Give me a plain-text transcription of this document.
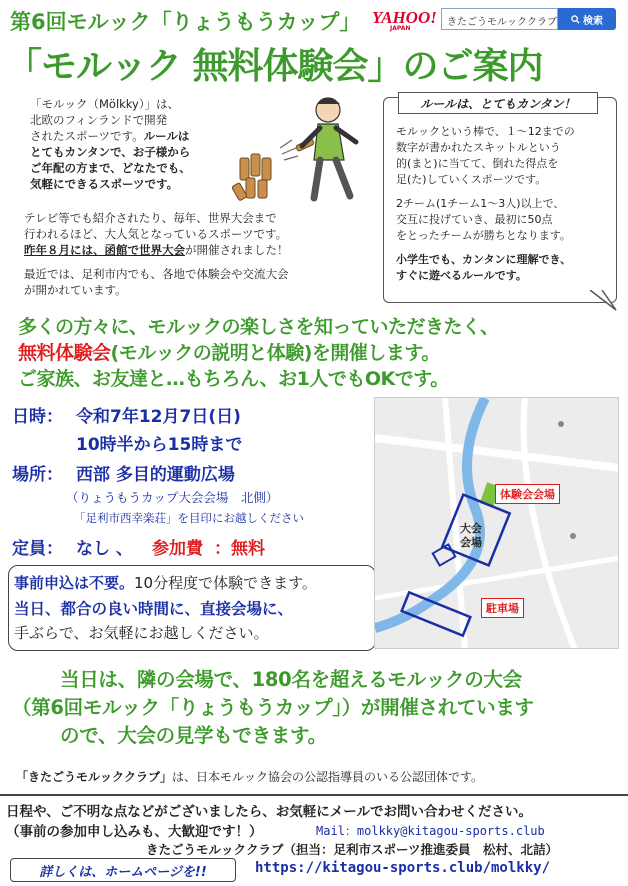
第6回モルック「りょうもうカップ」 YAHOO!
JAPAN
きたごうモルッククラブ	検索
「モルック 無料体験会」のご案内
「モルック（Mölkky）」は、
北欧のフィンランドで開発
されたスポーツです。ルールは
とてもカンタンで、お子様から
ご年配の方まで、どなたでも、
気軽にできるスポーツです。
テレビ等でも紹介されたり、毎年、世界大会まで
行われるほど、大人気となっているスポーツです。
昨年８月には、函館で世界大会が開催されました！
最近では、足利市内でも、各地で体験会や交流大会
が開かれています。
ルールは、とてもカンタン！
モルックという棒で、１～12までの
数字が書かれたスキットルという
的(まと)に当てて、倒れた得点を
足(た)していくスポーツです。
2チーム(1チーム1～3人)以上で、
交互に投げていき、最初に50点
をとったチームが勝ちとなります。
小学生でも、カンタンに理解でき、
すぐに遊べるルールです。
多くの方々に、モルックの楽しさを知っていただきたく、
無料体験会(モルックの説明と体験)を開催します。
ご家族、お友達と…もちろん、お1人でもOKです。
日時： 令和7年12月7日(日)
10時半から15時まで
場所： 西部 多目的運動広場
（りょうもうカップ大会会場　北側）
「足利市西幸楽荘」を目印にお越しください
定員： なし 、 参加費 ：無料
事前申込は不要。10分程度で体験できます。
当日、都合の良い時間に、直接会場に、
手ぶらで、お気軽にお越しください。
体験会会場
大会
会場
駐車場
当日は、隣の会場で、180名を超えるモルックの大会
（第6回モルック「りょうもうカップ」）が開催されています
ので、大会の見学もできます。
「きたごうモルッククラブ」は、日本モルック協会の公認指導員のいる公認団体です。
日程や、ご不明な点などがございましたら、お気軽にメールでお問い合わせください。
（事前の参加申し込みも、大歓迎です！）	Mail：molkky@kitagou-sports.club
きたごうモルッククラブ（担当：足利市スポーツ推進委員　松村、北詰）
詳しくは、ホームページを!!	https://kitagou-sports.club/molkky/
